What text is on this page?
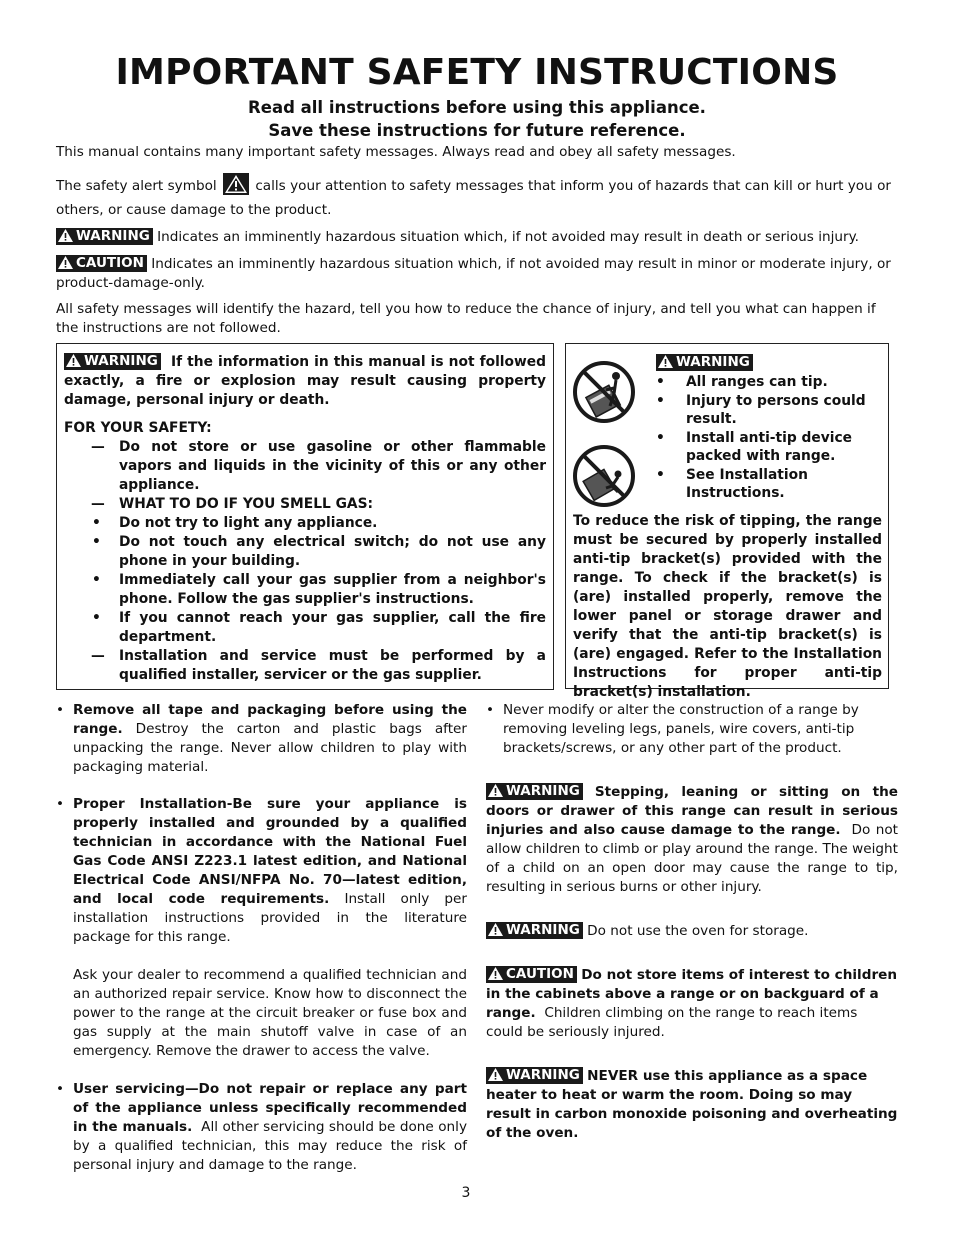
IMPORTANT SAFETY INSTRUCTIONS
Read all instructions before using this appliance.
Save these instructions for future reference.
This manual contains many important safety messages. Always read and obey all safety messages.
The safety alert symbol	calls your attention to safety messages that inform you of hazards that can kill or hurt you or others, or cause damage to the product.
WARNING Indicates an imminently hazardous situation which, if not avoided may result in death or serious injury.
CAUTION Indicates an imminently hazardous situation which, if not avoided may result in minor or moderate injury, or product-damage-only.
All safety messages will identify the hazard, tell you how to reduce the chance of injury, and tell you what can happen if the instructions are not followed.
WARNING If the information in this manual is not followed exactly, a fire or explosion may result causing property damage, personal injury or death.
FOR YOUR SAFETY:
—	Do not store or use gasoline or other flammable vapors and liquids in the vicinity of this or any other appliance.
—	WHAT TO DO IF YOU SMELL GAS:
•	Do not try to light any appliance.
•	Do not touch any electrical switch; do not use any phone in your building.
•	Immediately call your gas supplier from a neighbor's phone. Follow the gas supplier's instructions.
•	If you cannot reach your gas supplier, call the fire department.
—	Installation and service must be performed by a qualified installer, servicer or the gas supplier.
WARNING
•	All ranges can tip.
•	Injury to persons could result.
•	Install anti-tip device packed with range.
•	See Installation Instructions.
To reduce the risk of tipping, the range must be secured by properly installed anti-tip bracket(s) provided with the range. To check if the bracket(s) is (are) installed properly, remove the lower panel or storage drawer and verify that the anti-tip bracket(s) is (are) engaged. Refer to the Installation Instructions for proper anti-tip bracket(s) installation.
• Remove all tape and packaging before using the range. Destroy the carton and plastic bags after unpacking the range. Never allow children to play with packaging material.
• Proper Installation-Be sure your appliance is properly installed and grounded by a qualified technician in accordance with the National Fuel Gas Code ANSI Z223.1 latest edition, and National Electrical Code ANSI/NFPA No. 70—latest edition, and local code requirements. Install only per installation instructions provided in the literature package for this range.
Ask your dealer to recommend a qualified technician and an authorized repair service. Know how to disconnect the power to the range at the circuit breaker or fuse box and gas supply at the main shutoff valve in case of an emergency. Remove the drawer to access the valve.
• User servicing—Do not repair or replace any part of the appliance unless specifically recommended in the manuals. All other servicing should be done only by a qualified technician, this may reduce the risk of personal injury and damage to the range.
• Never modify or alter the construction of a range by removing leveling legs, panels, wire covers, anti-tip brackets/screws, or any other part of the product.
WARNING Stepping, leaning or sitting on the doors or drawer of this range can result in serious injuries and also cause damage to the range. Do not allow children to climb or play around the range. The weight of a child on an open door may cause the range to tip, resulting in serious burns or other injury.
WARNING Do not use the oven for storage.
CAUTION Do not store items of interest to children in the cabinets above a range or on backguard of a range. Children climbing on the range to reach items could be seriously injured.
WARNING NEVER use this appliance as a space heater to heat or warm the room. Doing so may result in carbon monoxide poisoning and overheating of the oven.
3
